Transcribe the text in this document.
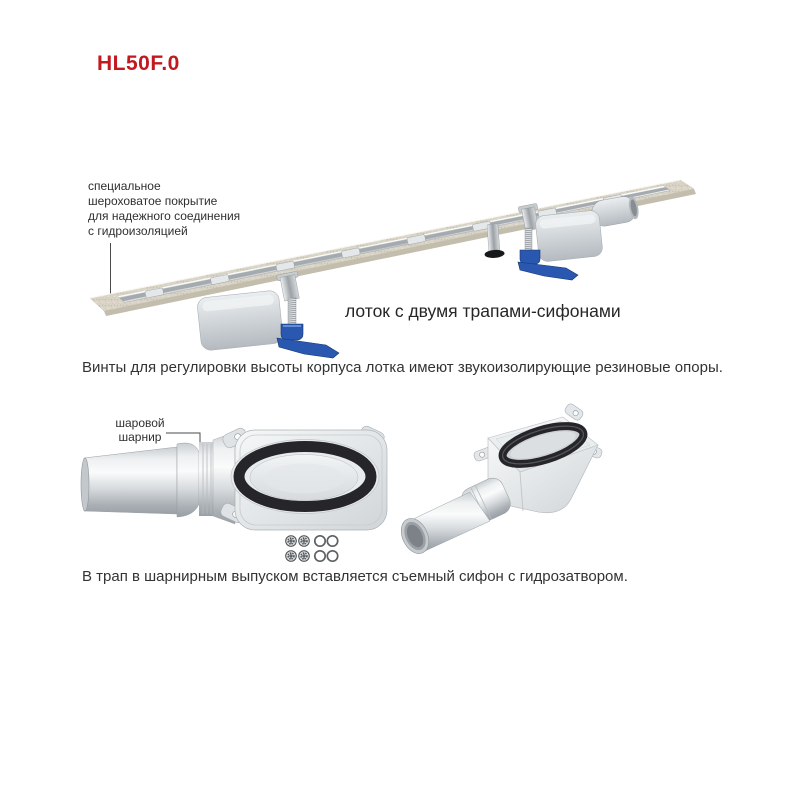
HL50F.0
специальное
шероховатое покрытие
для надежного соединения
с гидроизоляцией
лоток с двумя трапами-сифонами
Винты для регулировки высоты корпуса лотка имеют звукоизолирующие резиновые опоры.
шаровой
шарнир
В трап в шарнирным выпуском вставляется съемный сифон с гидрозатвором.
